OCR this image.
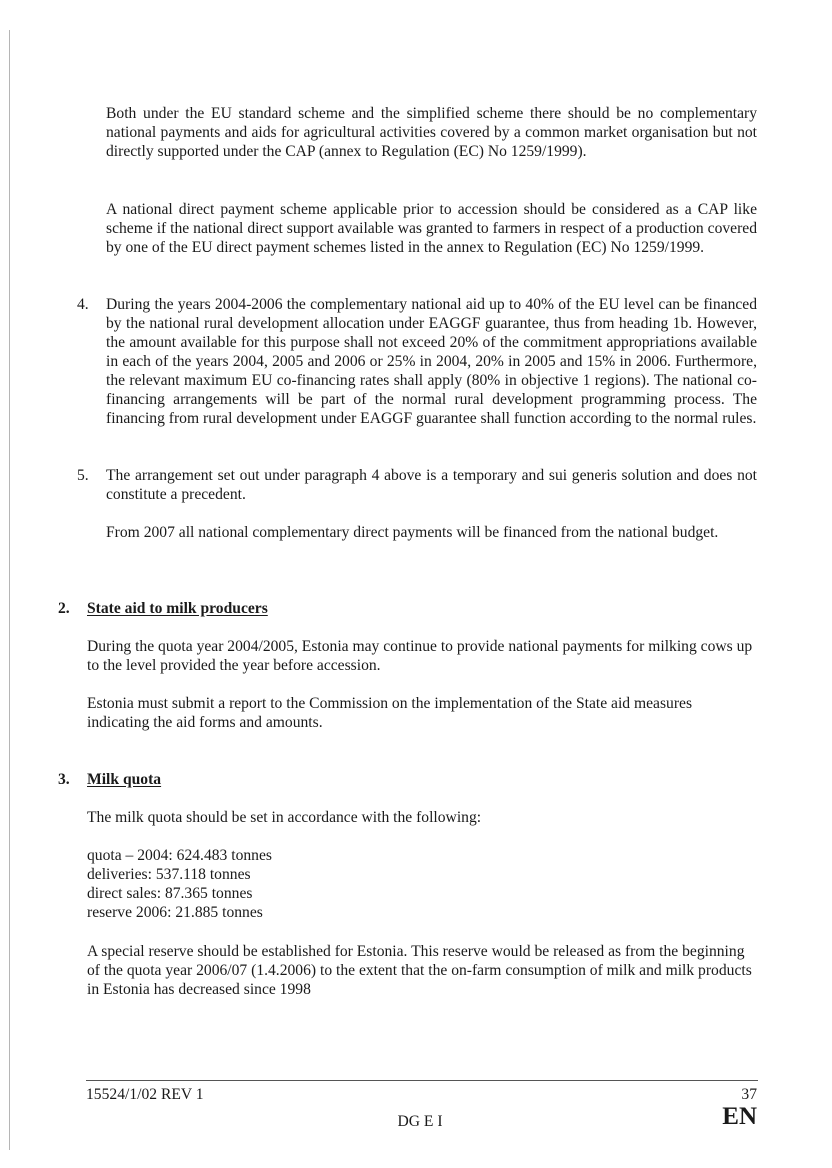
Both under the EU standard scheme and the simplified scheme there should be no complementary national payments and aids for agricultural activities covered by a common market organisation but not directly supported under the CAP (annex to Regulation (EC) No 1259/1999).

A national direct payment scheme applicable prior to accession should be considered as a CAP like scheme if the national direct support available was granted to farmers in respect of a production covered by one of the EU direct payment schemes listed in the annex to Regulation (EC) No 1259/1999.

4. During the years 2004-2006 the complementary national aid up to 40% of the EU level can be financed by the national rural development allocation under EAGGF guarantee, thus from heading 1b. However, the amount available for this purpose shall not exceed 20% of the commitment appropriations available in each of the years 2004, 2005 and 2006 or 25% in 2004, 20% in 2005 and 15% in 2006. Furthermore, the relevant maximum EU co-financing rates shall apply (80% in objective 1 regions). The national co-financing arrangements will be part of the normal rural development programming process. The financing from rural development under EAGGF guarantee shall function according to the normal rules.
5. The arrangement set out under paragraph 4 above is a temporary and sui generis solution and does not constitute a precedent.

From 2007 all national complementary direct payments will be financed from the national budget.

2. State aid to milk producers

During the quota year 2004/2005, Estonia may continue to provide national payments for milking cows up to the level provided the year before accession.

Estonia must submit a report to the Commission on the implementation of the State aid measures indicating the aid forms and amounts.

3. Milk quota

The milk quota should be set in accordance with the following:

quota – 2004: 624.483 tonnes
deliveries: 537.118 tonnes
direct sales: 87.365 tonnes
reserve 2006: 21.885 tonnes

A special reserve should be established for Estonia. This reserve would be released as from the beginning of the quota year 2006/07 (1.4.2006) to the extent that the on-farm consumption of milk and milk products in Estonia has decreased since 1998

15524/1/02 REV 1	37
DG E I	EN
